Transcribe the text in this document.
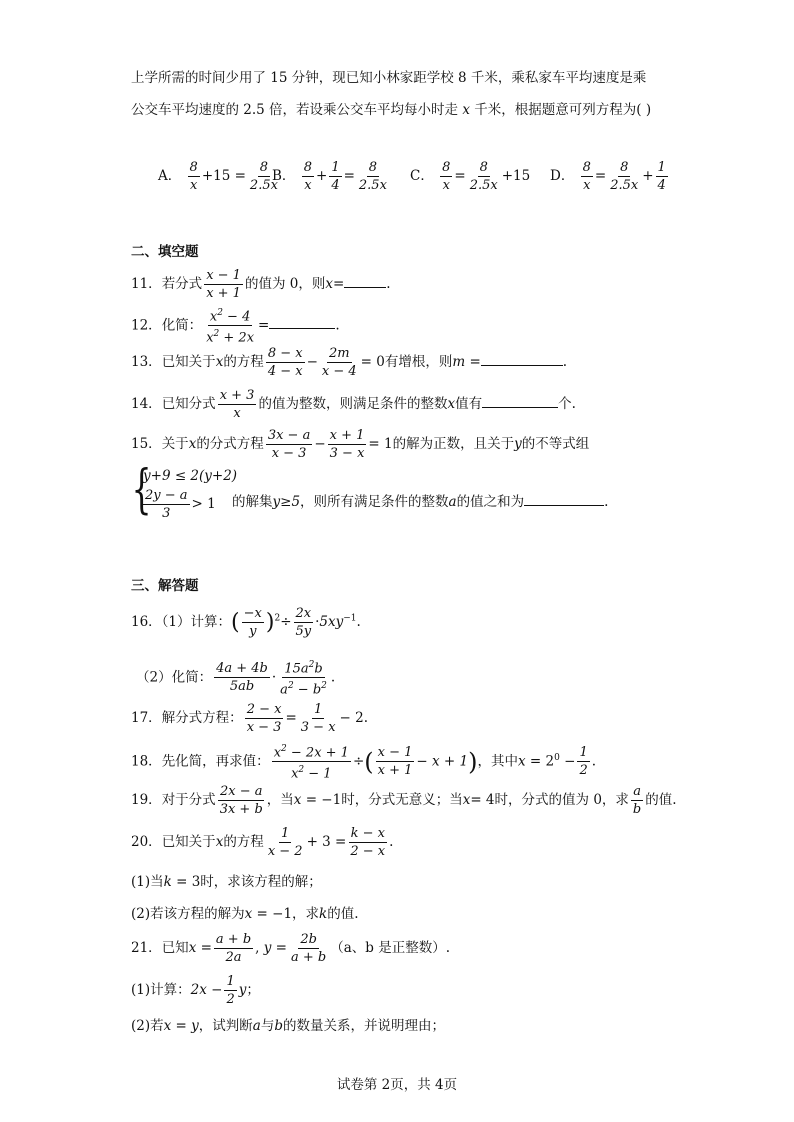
上学所需的时间少用了 15 分钟，现已知小林家距学校 8 千米，乘私家车平均速度是乘
公交车平均速度的 2.5 倍，若设乘公交车平均每小时走 x 千米，根据题意可列方程为( )
A． $\frac{8}{x} +15 = \frac{8}{2.5x}$
B． $\frac{8}{x} + \frac{1}{4} = \frac{8}{2.5x}$ C． $\frac{8}{x} = \frac{8}{2.5x} +15$ D． $\frac{8}{x} = \frac{8}{2.5x} + \frac{1}{4}$
二、填空题
11．若分式 $\frac{x - 1}{x + 1}$ 的值为 0，则x=	.
12．化简： $\frac{x^2 - 4}{x^2 + 2x}$ =	.
13．已知关于x的方程 $\frac{8 - x}{4 - x} - \frac{2m}{x - 4} = 0$有增根，则m =	.
14．已知分式 $\frac{x + 3}{x}$ 的值为整数，则满足条件的整数x值有	个.
15．关于x的分式方程 $\frac{3x - a}{x - 3} - \frac{x + 1}{3 - x} = 1$的解为正数，且关于y的不等式组
{
y+9 ≤ 2(y+2)
$\frac{2y - a}{3} > 1$ 的解集y≥5，则所有满足条件的整数a的值之和为	.
三、解答题
16．（1）计算：( $\frac{-x}{y} )^2\div \frac{2x}{5y} \cdot 5xy^{-1}$.
（2）化简： $\frac{4a + 4b}{5ab} \cdot \frac{15a^2b}{a^2 - b^2}$ .
17．解分式方程： $\frac{2 - x}{x - 3} = \frac{1}{3 - x} - 2$.
18．先化简，再求值： $\frac{x^2 - 2x + 1}{x^2 - 1}$ ÷( $\frac{x - 1}{x + 1} - x + 1$)，其中$x = 2^0 - \frac{1}{2}$ .
19．对于分式 $\frac{2x - a}{3x + b}$ ，当x = −1时，分式无意义；当x= 4时，分式的值为 0，求 $\frac{a}{b}$ 的值.
20．已知关于x的方程 $\frac{1}{x - 2} + 3 = \frac{k - x}{2 - x}$ .
(1)当k = 3时，求该方程的解；
(2)若该方程的解为x = −1，求k的值.
21．已知$x = \frac{a + b}{2a}$ , $y = \frac{2b}{a + b} (a$、b 是正整数）.
(1)计算：$2x - \frac{1}{2}$ y；
(2)若x = y，试判断a与b的数量关系，并说明理由；
试卷第 2页，共 4页
